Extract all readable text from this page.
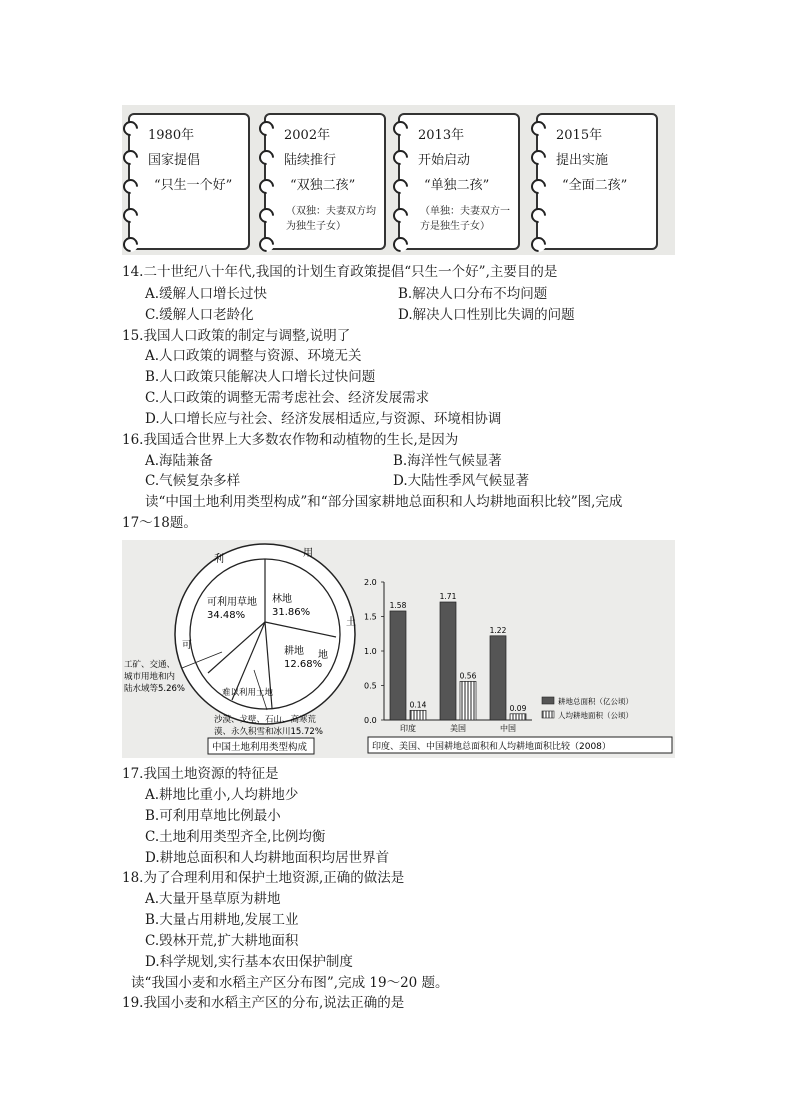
1980年
国家提倡
“只生一个好”
2002年
陆续推行
“双独二孩”
（双独：夫妻双方均为独生子女）
2013年
开始启动
“单独二孩”
（单独：夫妻双方一方是独生子女）
2015年
提出实施
“全面二孩”
14.二十世纪八十年代,我国的计划生育政策提倡“只生一个好”,主要目的是
A.缓解人口增长过快	B.解决人口分布不均问题
C.缓解人口老龄化	D.解决人口性别比失调的问题
15.我国人口政策的制定与调整,说明了
A.人口政策的调整与资源、环境无关
B.人口政策只能解决人口增长过快问题
C.人口政策的调整无需考虑社会、经济发展需求
D.人口增长应与社会、经济发展相适应,与资源、环境相协调
16.我国适合世界上大多数农作物和动植物的生长,是因为
A.海陆兼备	B.海洋性气候显著
C.气候复杂多样	D.大陆性季风气候显著
读“中国土地利用类型构成”和“部分国家耕地总面积和人均耕地面积比较”图,完成
17～18题。
利
用
土
地
可
可利用草地
34.48%
林地
31.86%
耕地
12.68%
难以利用土地
工矿、交通、
城市用地和内
陆水域等5.26%
沙漠、戈壁、石山、高寒荒
漠、永久积雪和冰川15.72%
中国土地利用类型构成
0.0
0.5
1.0
1.5
2.0
1.58
0.14
印度
1.71
0.56
美国
1.22
0.09
中国
耕地总面积（亿公顷）
人均耕地面积（公顷）
印度、美国、中国耕地总面积和人均耕地面积比较（2008）
17.我国土地资源的特征是
A.耕地比重小,人均耕地少
B.可利用草地比例最小
C.土地利用类型齐全,比例均衡
D.耕地总面积和人均耕地面积均居世界首
18.为了合理利用和保护土地资源,正确的做法是
A.大量开垦草原为耕地
B.大量占用耕地,发展工业
C.毁林开荒,扩大耕地面积
D.科学规划,实行基本农田保护制度
读“我国小麦和水稻主产区分布图”,完成 19～20 题。
19.我国小麦和水稻主产区的分布,说法正确的是
